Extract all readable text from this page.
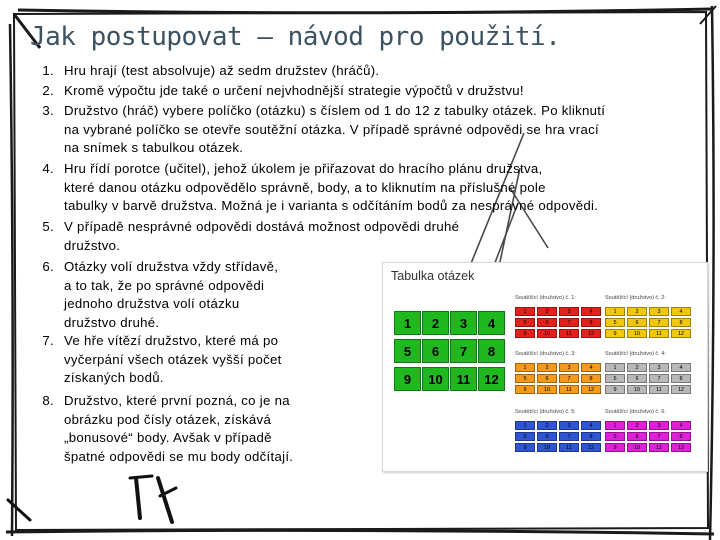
Jak postupovat – návod pro použití.
1. Hru hrají (test absolvuje) až sedm družstev (hráčů).
2. Kromě výpočtu jde také o určení nejvhodnější strategie výpočtů v družstvu!
3. Družstvo (hráč) vybere políčko (otázku) s číslem od 1 do 12 z tabulky otázek. Po kliknutí
na vybrané políčko se otevře soutěžní otázka. V případě správné odpovědi se hra vrací
na snímek s tabulkou otázek.
4. Hru řídí porotce (učitel), jehož úkolem je přiřazovat do hracího plánu družstva,
které danou otázku odpovědělo správně, body, a to kliknutím na příslušné pole
tabulky v barvě družstva. Možná je i varianta s odčítáním bodů za nesprávné odpovědi.
5. V případě nesprávné odpovědi dostává možnost odpovědi druhé
družstvo.
6. Otázky volí družstva vždy střídavě,
a to tak, že po správné odpovědi
jednoho družstva volí otázku
družstvo druhé.
7. Ve hře vítězí družstvo, které má po
vyčerpání všech otázek vyšší počet
získaných bodů.
8. Družstvo, které první pozná, co je na
obrázku pod čísly otázek, získává
„bonusové“ body. Avšak v případě
špatné odpovědi se mu body odčítají.
Tabulka otázek
1	2	3	4
5	6	7	8
9	10	11	12
Soutěžící (družstvo) č. 1:
1	2	3	4
5	6	7	8
9	10	11	12
Soutěžící (družstvo) č. 2:
1	2	3	4
5	6	7	8
9	10	11	12
Soutěžící (družstvo) č. 3:
1	2	3	4
5	6	7	8
9	10	11	12
Soutěžící (družstvo) č. 4:
1	2	3	4
5	6	7	8
9	10	11	12
Soutěžící (družstvo) č. 5:
1	2	3	4
5	6	7	8
9	10	11	12
Soutěžící (družstvo) č. 6:
1	2	3	4
5	6	7	8
9	10	11	12
